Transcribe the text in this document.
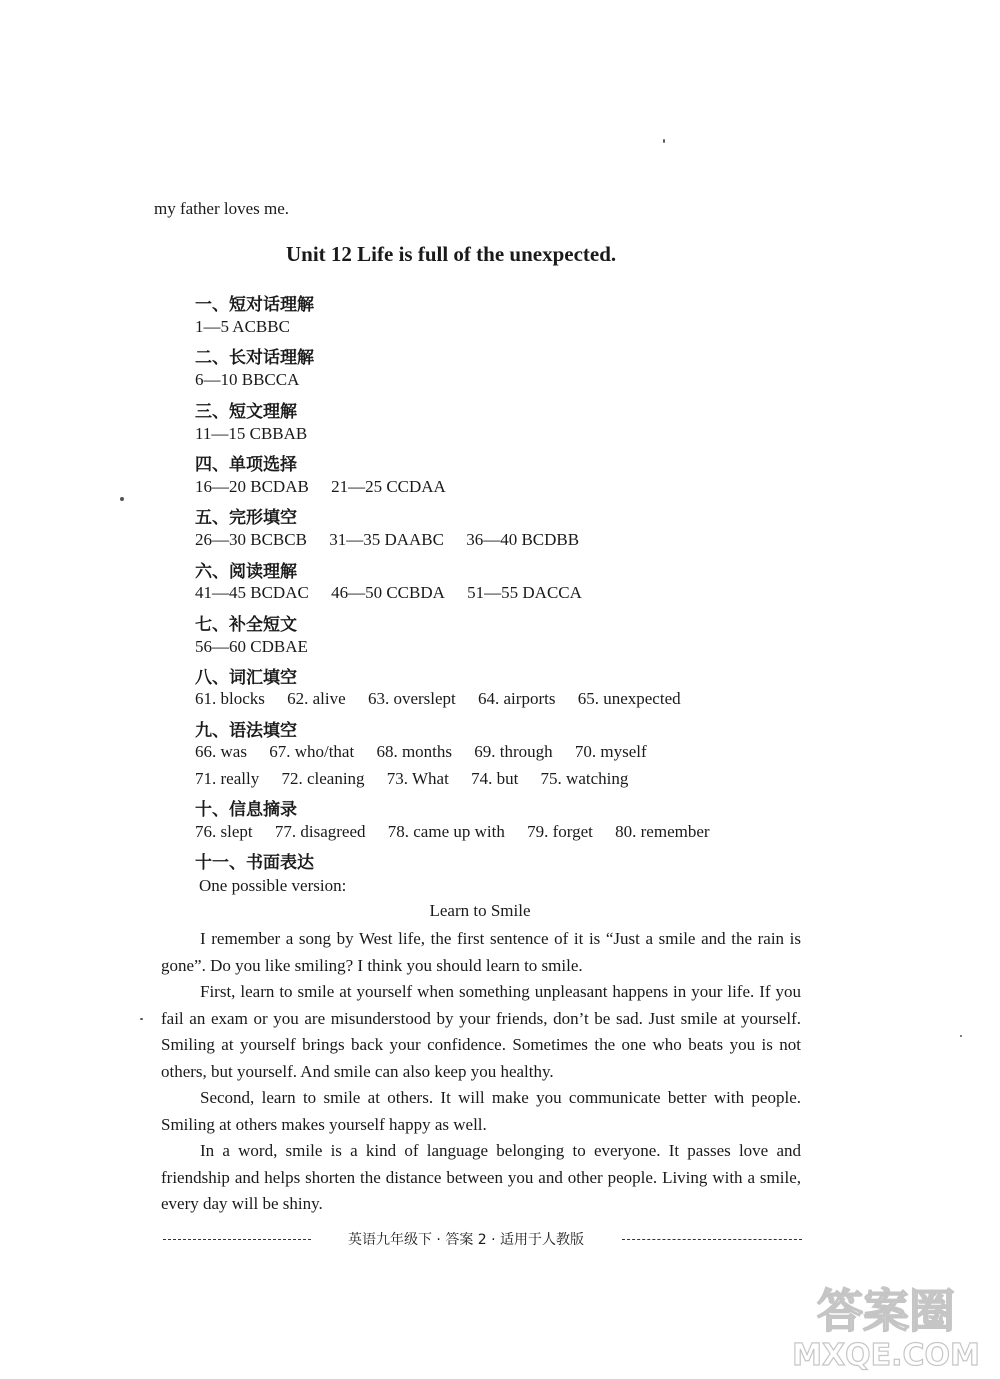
my father loves me.
Unit 12 Life is full of the unexpected.
一、短对话理解
1—5 ACBBC
二、长对话理解
6—10 BBCCA
三、短文理解
11—15 CBBAB
四、单项选择
16—20 BCDAB 21—25 CCDAA
五、完形填空
26—30 BCBCB 31—35 DAABC 36—40 BCDBB
六、阅读理解
41—45 BCDAC 46—50 CCBDA 51—55 DACCA
七、补全短文
56—60 CDBAE
八、词汇填空
61. blocks 62. alive 63. overslept 64. airports 65. unexpected
九、语法填空
66. was 67. who/that 68. months 69. through 70. myself
71. really 72. cleaning 73. What 74. but 75. watching
十、信息摘录
76. slept 77. disagreed 78. came up with 79. forget 80. remember
十一、书面表达
One possible version:
Learn to Smile
I remember a song by West life, the first sentence of it is “Just a smile and the rain is gone”. Do you like smiling? I think you should learn to smile.
First, learn to smile at yourself when something unpleasant happens in your life. If you fail an exam or you are misunderstood by your friends, don’t be sad. Just smile at yourself. Smiling at yourself brings back your confidence. Sometimes the one who beats you is not others, but yourself. And smile can also keep you healthy.
Second, learn to smile at others. It will make you communicate better with people. Smiling at others makes yourself happy as well.
In a word, smile is a kind of language belonging to everyone. It passes love and friendship and helps shorten the distance between you and other people. Living with a smile, every day will be shiny.
英语九年级下 · 答案 2 · 适用于人教版
答案圈
MXQE.COM
